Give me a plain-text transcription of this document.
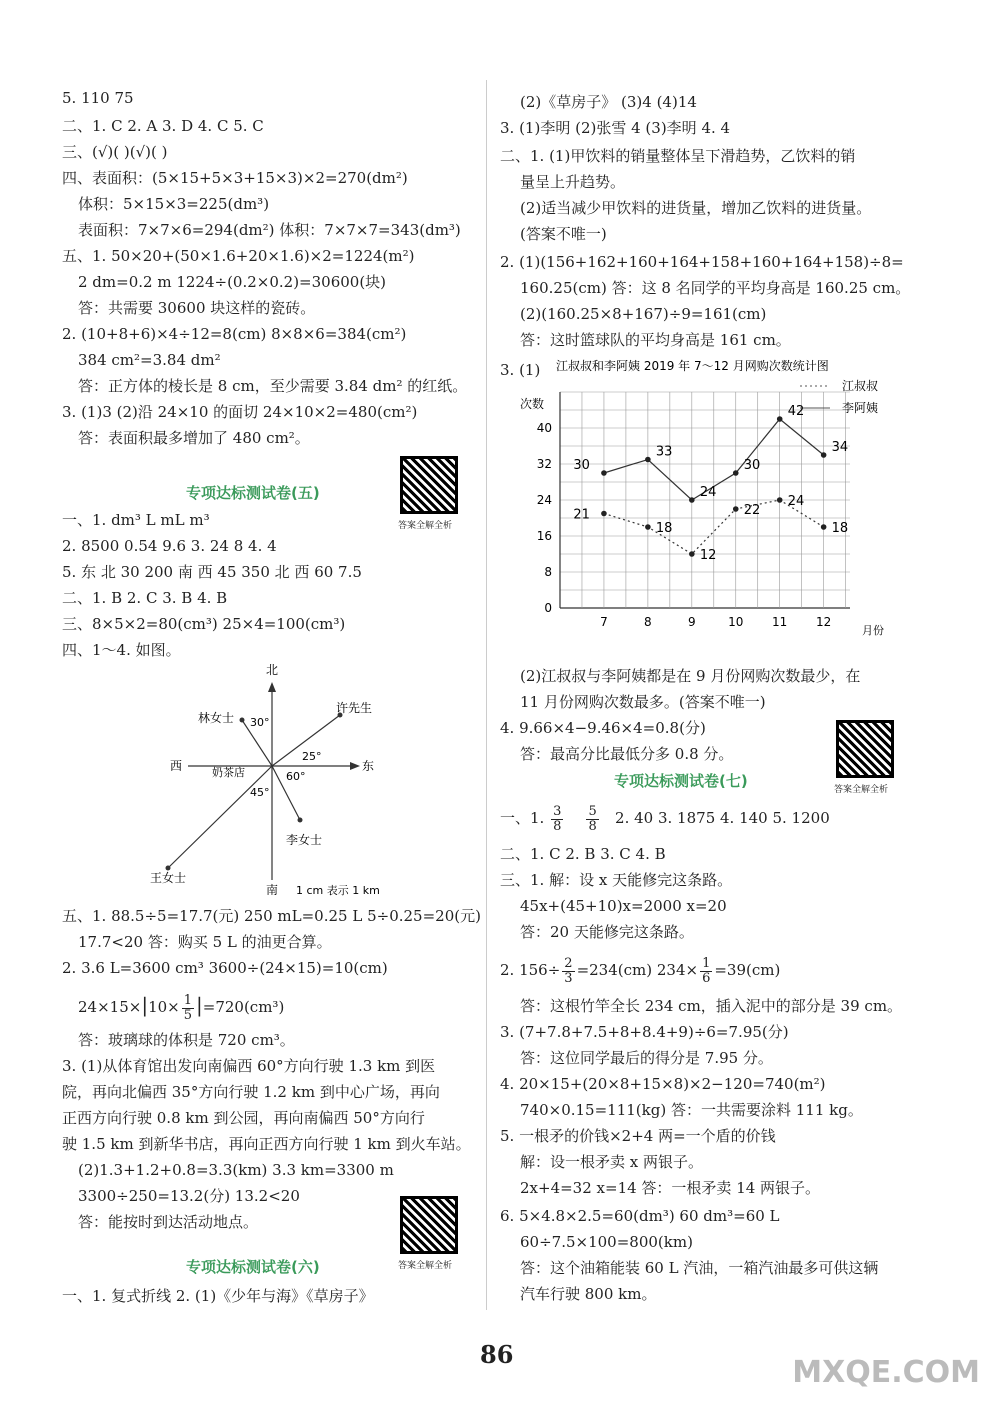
5. 110 75
二、1. C 2. A 3. D 4. C 5. C
三、(√)( )(√)( )
四、表面积：(5×15+5×3+15×3)×2=270(dm²)
体积：5×15×3=225(dm³)
表面积：7×7×6=294(dm²) 体积：7×7×7=343(dm³)
五、1. 50×20+(50×1.6+20×1.6)×2=1224(m²)
2 dm=0.2 m 1224÷(0.2×0.2)=30600(块)
答：共需要 30600 块这样的瓷砖。
2. (10+8+6)×4÷12=8(cm) 8×8×6=384(cm²)
384 cm²=3.84 dm²
答：正方体的棱长是 8 cm，至少需要 3.84 dm² 的红纸。
3. (1)3 (2)沿 24×10 的面切 24×10×2=480(cm²)
答：表面积最多增加了 480 cm²。
专项达标测试卷(五)
答案全解全析
一、1. dm³ L mL m³
2. 8500 0.54 9.6 3. 24 8 4. 4
5. 东 北 30 200 南 西 45 350 北 西 60 7.5
二、1. B 2. C 3. B 4. B
三、8×5×2=80(cm³) 25×4=100(cm³)
四、1～4. 如图。
北
南
东
西
林女士
许先生
李女士
王女士
奶茶店
30°
25°
60°
45°
1 cm 表示 1 km
五、1. 88.5÷5=17.7(元) 250 mL=0.25 L 5÷0.25=20(元)
17.7<20 答：购买 5 L 的油更合算。
2. 3.6 L=3600 cm³ 3600÷(24×15)=10(cm)
$24\times 15\times|10\times \frac{1}{5} |=720(cm^3)$
答：玻璃球的体积是 720 cm³。
3. (1)从体育馆出发向南偏西 60°方向行驶 1.3 km 到医
院，再向北偏西 35°方向行驶 1.2 km 到中心广场，再向
正西方向行驶 0.8 km 到公园，再向南偏西 50°方向行
驶 1.5 km 到新华书店，再向正西方向行驶 1 km 到火车站。
(2)1.3+1.2+0.8=3.3(km) 3.3 km=3300 m
3300÷250=13.2(分) 13.2<20
答：能按时到达活动地点。
答案全解全析
专项达标测试卷(六)
一、1. 复式折线 2. (1)《少年与海》《草房子》
(2)《草房子》 (3)4 (4)14
3. (1)李明 (2)张雪 4 (3)李明 4. 4
二、1. (1)甲饮料的销量整体呈下滑趋势，乙饮料的销
量呈上升趋势。
(2)适当减少甲饮料的进货量，增加乙饮料的进货量。
(答案不唯一)
2. (1)(156+162+160+164+158+160+164+158)÷8=
160.25(cm) 答：这 8 名同学的平均身高是 160.25 cm。
(2)(160.25×8+167)÷9=161(cm)
答：这时篮球队的平均身高是 161 cm。
3. (1) 江叔叔和李阿姨 2019 年 7～12 月网购次数统计图
0
8
16
24
32
40
7	8	9	10 11 12
江叔叔
李阿姨
21
18
12
22
24
18
30
33
24
30
42
34
次数
月份
(2)江叔叔与李阿姨都是在 9 月份网购次数最少，在
11 月份网购次数最多。(答案不唯一)
4. 9.66×4−9.46×4=0.8(分)
答：最高分比最低分多 0.8 分。
答案全解全析
专项达标测试卷(七)
一、1. $\frac{3}{8}$
$\frac{5}{8} 2$. 40 3. 1875 4. 140 5. 1200
二、1. C 2. B 3. C 4. B
三、1. 解：设 x 天能修完这条路。
45x+(45+10)x=2000 x=20
答：20 天能修完这条路。
2. $156\div \frac{2}{3} =234(cm)$ $234\times \frac{1}{6} =39(cm)$
答：这根竹竿全长 234 cm，插入泥中的部分是 39 cm。
3. (7+7.8+7.5+8+8.4+9)÷6=7.95(分)
答：这位同学最后的得分是 7.95 分。
4. 20×15+(20×8+15×8)×2−120=740(m²)
740×0.15=111(kg) 答：一共需要涂料 111 kg。
5. 一根矛的价钱×2+4 两=一个盾的价钱
解：设一根矛卖 x 两银子。
2x+4=32 x=14 答：一根矛卖 14 两银子。
6. 5×4.8×2.5=60(dm³) 60 dm³=60 L
60÷7.5×100=800(km)
答：这个油箱能装 60 L 汽油，一箱汽油最多可供这辆
汽车行驶 800 km。
86
MXQE.COM
